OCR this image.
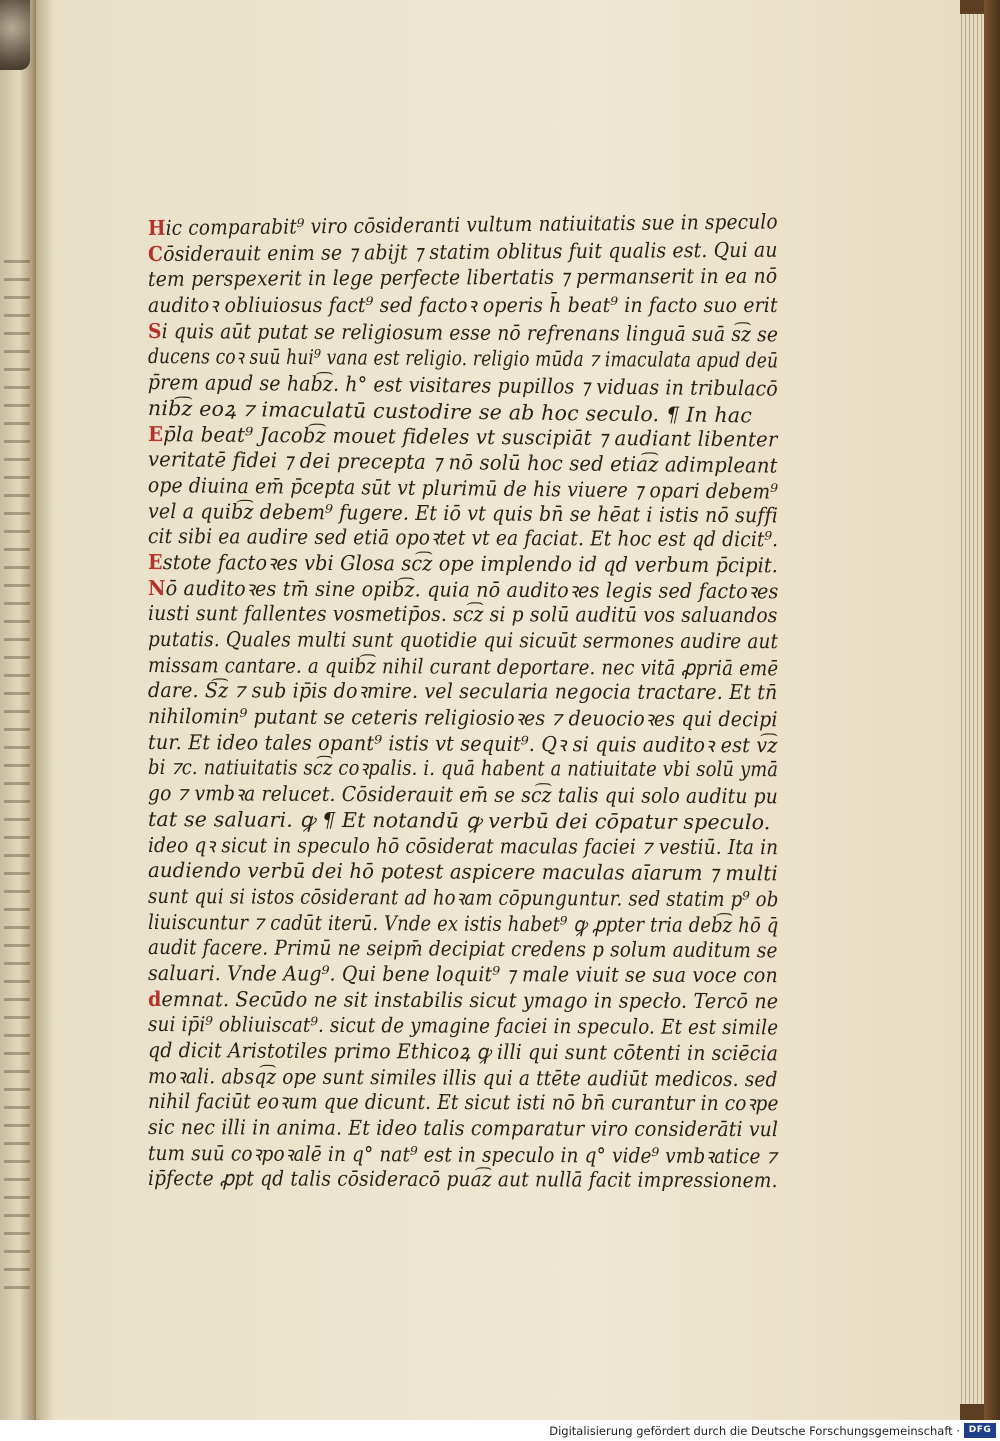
Hic comparabit⁹ viro cōsideranti vultum natiuitatis sue in speculo
Cōsiderauit enim se ⁊ abijt ⁊ statim oblitus fuit qualis est. Qui au
tem perspexerit in lege perfecte libertatis ⁊ permanserit in ea nō
auditoꝛ obliuiosus fact⁹ sed factoꝛ operis h̄ beat⁹ in facto suo erit
Si quis aūt putat se religiosum esse nō refrenans linguā suā s͡z se
ducens coꝛ suū hui⁹ vana est religio. religio mūda ⁊ imaculata apud deū
p̄rem apud se hab͡z. h° est visitares pupillos ⁊ viduas in tribulacō
nib͡z eoꝝ ⁊ imaculatū custodire se ab hoc seculo. ¶ In hac
Ep̄la beat⁹ Jacob͡z mouet fideles vt suscipiāt ⁊ audiant libenter
veritatē fidei ⁊ dei precepta ⁊ nō solū hoc sed etia͡z adimpleant
ope diuina em̄ p̄cepta sūt vt plurimū de his viuere ⁊ opari debem⁹
vel a quib͡z debem⁹ fugere. Et iō vt quis bn̄ se hēat i istis nō suffi
cit sibi ea audire sed etiā opoꝛtet vt ea faciat. Et hoc est qd dicit⁹.
Estote factoꝛes vbi Glosa sc͡z ope implendo id qd verbum p̄cipit.
Nō auditoꝛes tm̄ sine opib͡z. quia nō auditoꝛes legis sed factoꝛes
iusti sunt fallentes vosmetip̄os. sc͡z si p solū auditū vos saluandos
putatis. Quales multi sunt quotidie qui sicuūt sermones audire aut
missam cantare. a quib͡z nihil curant deportare. nec vitā ꝓpriā emē
dare. S͡z ⁊ sub ip̄is doꝛmire. vel secularia negocia tractare. Et tn̄
nihilomin⁹ putant se ceteris religiosioꝛes ⁊ deuocioꝛes qui decipi
tur. Et ideo tales opant⁹ istis vt sequit⁹. Qꝛ si quis auditoꝛ est v͡z
bi ⁊c. natiuitatis sc͡z coꝛpalis. i. quā habent a natiuitate vbi solū ymā
go ⁊ vmbꝛa relucet. Cōsiderauit em̄ se sc͡z talis qui solo auditu pu
tat se saluari. ꝙ ¶ Et notandū ꝙ verbū dei cōpatur speculo.
ideo qꝛ sicut in speculo hō cōsiderat maculas faciei ⁊ vestiū. Ita in
audiendo verbū dei hō potest aspicere maculas aīarum ⁊ multi
sunt qui si istos cōsiderant ad hoꝛam cōpunguntur. sed statim p⁹ ob
liuiscuntur ⁊ cadūt iterū. Vnde ex istis habet⁹ ꝙ ꝓpter tria deb͡z hō q̄
audit facere. Primū ne seipm̄ decipiat credens p solum auditum se
saluari. Vnde Aug⁹. Qui bene loquit⁹ ⁊ male viuit se sua voce con
demnat. Secūdo ne sit instabilis sicut ymago in specło. Tercō ne
sui ip̄i⁹ obliuiscat⁹. sicut de ymagine faciei in speculo. Et est simile
qd dicit Aristotiles primo Ethicoꝝ ꝙ illi qui sunt cōtenti in sciēcia
moꝛali. absq͡z ope sunt similes illis qui a ttēte audiūt medicos. sed
nihil faciūt eoꝛum que dicunt. Et sicut isti nō bn̄ curantur in coꝛpe
sic nec illi in anima. Et ideo talis comparatur viro considerāti vul
tum suū coꝛpoꝛalē in q° nat⁹ est in speculo in q° vide⁹ vmbꝛatice ⁊
ip̄fecte ꝓpt qd talis cōsideracō pua͡z aut nullā facit impressionem.
Digitalisierung gefördert durch die Deutsche Forschungsgemeinschaft · DFG
